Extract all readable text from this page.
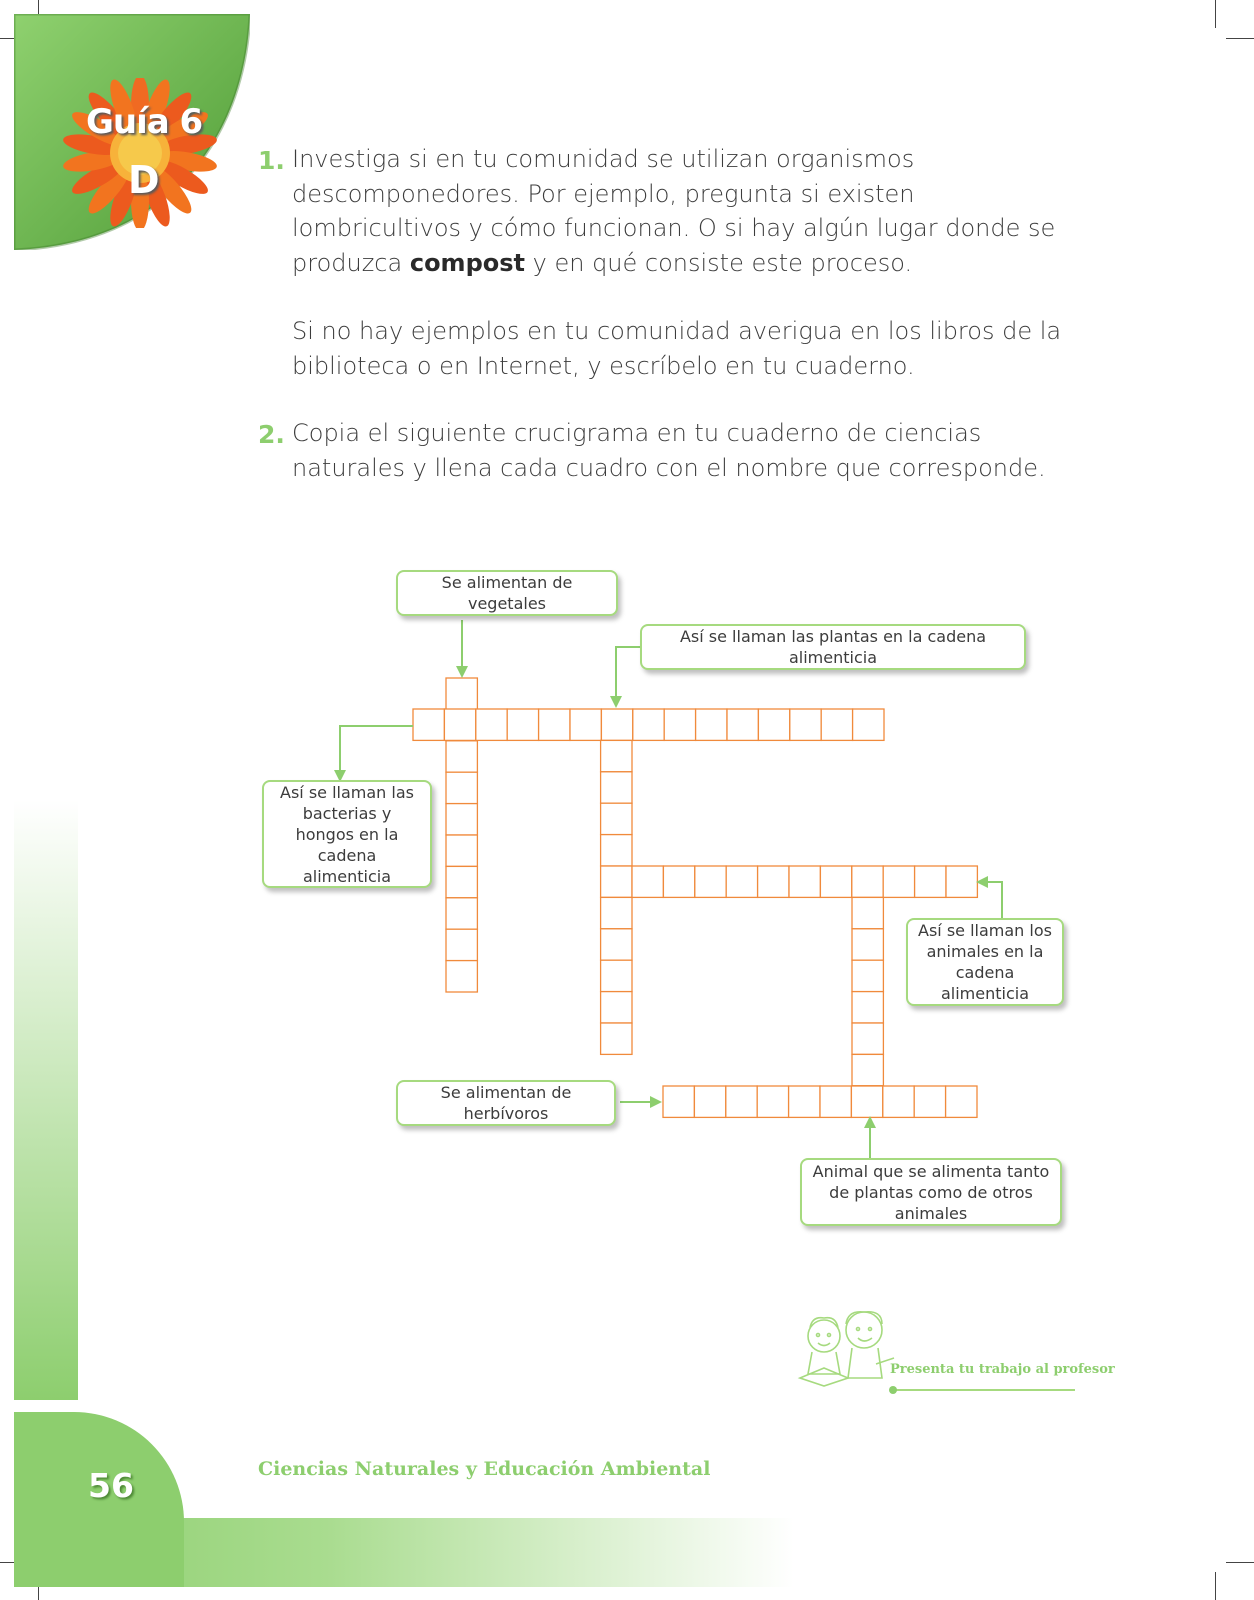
56	Ciencias Naturales y Educación Ambiental
Guía 6
D	1. Investiga si en tu comunidad se utilizan organismos descomponedores. Por ejemplo, pregunta si existen lombricultivos y cómo funcionan. O si hay algún lugar donde se produzca compost y en qué consiste este proceso.
Si no hay ejemplos en tu comunidad averigua en los libros de la biblioteca o en Internet, y escríbelo en tu cuaderno.
2. Copia el siguiente crucigrama en tu cuaderno de ciencias naturales y llena cada cuadro con el nombre que corresponde.
Se alimentan de vegetales
Así se llaman las plantas en la cadena alimenticia
Así se llaman las bacterias y hongos en la cadena alimenticia
Así se llaman los animales en la cadena alimenticia
Se alimentan de herbívoros
Animal que se alimenta tanto de plantas como de otros animales
Presenta tu trabajo al profesor
